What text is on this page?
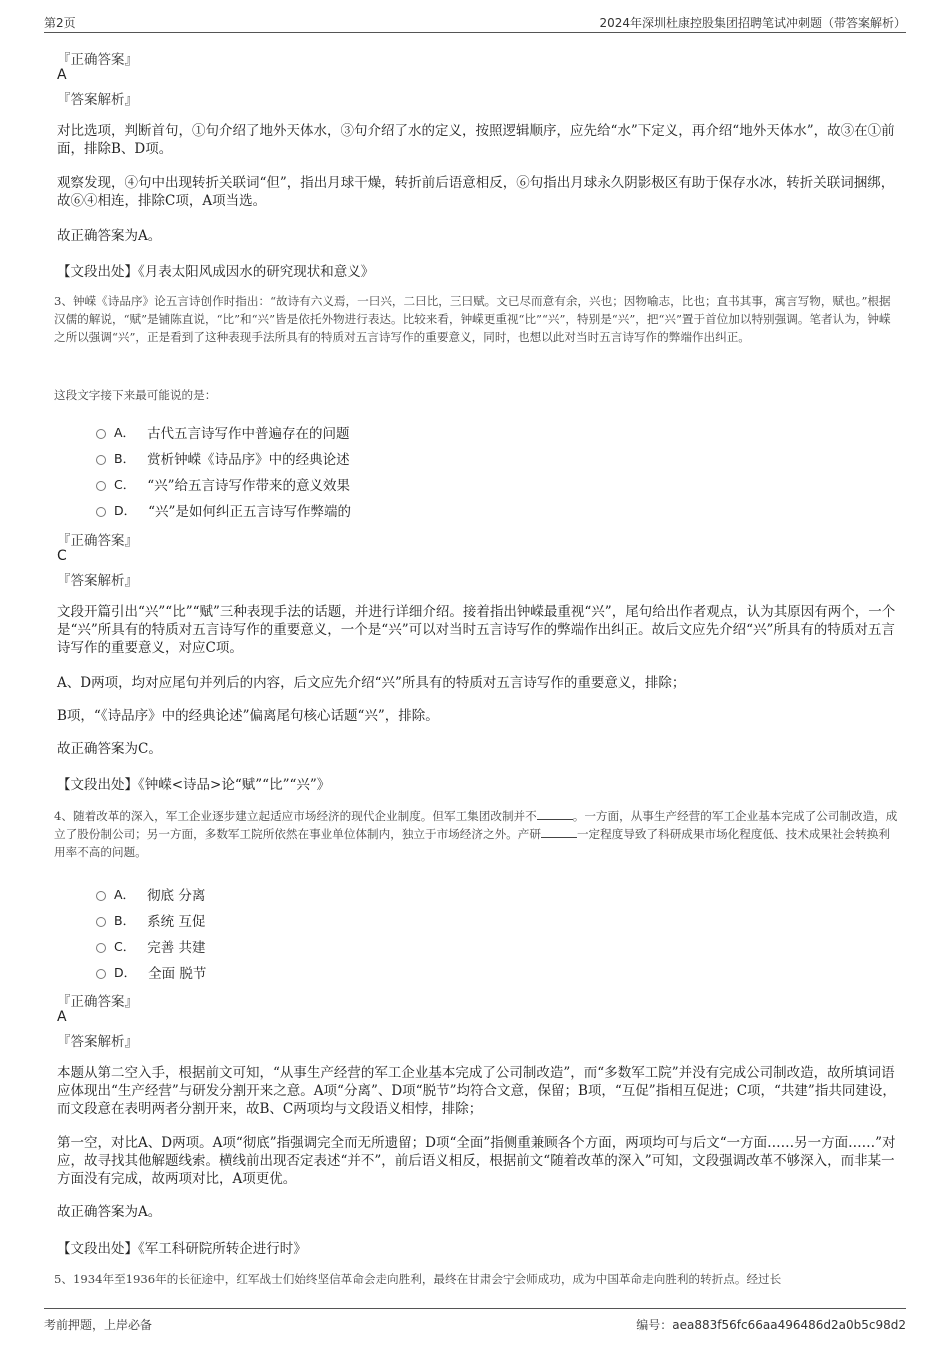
第2页	2024年深圳杜康控股集团招聘笔试冲刺题（带答案解析）
『正确答案』
A
『答案解析』
对比选项，判断首句，①句介绍了地外天体水，③句介绍了水的定义，按照逻辑顺序，应先给“水”下定义，再介绍“地外天体水”，故③在①前面，排除B、D项。
观察发现，④句中出现转折关联词“但”，指出月球干燥，转折前后语意相反，⑥句指出月球永久阴影极区有助于保存水冰，转折关联词捆绑，故⑥④相连，排除C项，A项当选。
故正确答案为A。
【文段出处】《月表太阳风成因水的研究现状和意义》
3、钟嵘《诗品序》论五言诗创作时指出：“故诗有六义焉，一曰兴，二曰比，三曰赋。文已尽而意有余，兴也；因物喻志，比也；直书其事，寓言写物，赋也。”根据汉儒的解说，“赋”是铺陈直说，“比”和“兴”皆是依托外物进行表达。比较来看，钟嵘更重视“比”“兴”，特别是“兴”，把“兴”置于首位加以特别强调。笔者认为，钟嵘之所以强调“兴”，正是看到了这种表现手法所具有的特质对五言诗写作的重要意义，同时，也想以此对当时五言诗写作的弊端作出纠正。
这段文字接下来最可能说的是：
A． 古代五言诗写作中普遍存在的问题
B． 赏析钟嵘《诗品序》中的经典论述
C． “兴”给五言诗写作带来的意义效果
D． “兴”是如何纠正五言诗写作弊端的
『正确答案』
C
『答案解析』
文段开篇引出“兴”“比”“赋”三种表现手法的话题，并进行详细介绍。接着指出钟嵘最重视“兴”，尾句给出作者观点，认为其原因有两个，一个是“兴”所具有的特质对五言诗写作的重要意义，一个是“兴”可以对当时五言诗写作的弊端作出纠正。故后文应先介绍“兴”所具有的特质对五言诗写作的重要意义，对应C项。
A、D两项，均对应尾句并列后的内容，后文应先介绍“兴”所具有的特质对五言诗写作的重要意义，排除；
B项，“《诗品序》中的经典论述”偏离尾句核心话题“兴”，排除。
故正确答案为C。
【文段出处】《钟嵘<诗品>论“赋”“比”“兴”》
4、随着改革的深入，军工企业逐步建立起适应市场经济的现代企业制度。但军工集团改制并不	。一方面，从事生产经营的军工企业基本完成了公司制改造，成立了股份制公司；另一方面，多数军工院所依然在事业单位体制内，独立于市场经济之外。产研	一定程度导致了科研成果市场化程度低、技术成果社会转换利用率不高的问题。
A． 彻底 分离
B． 系统 互促
C． 完善 共建
D． 全面 脱节
『正确答案』
A
『答案解析』
本题从第二空入手，根据前文可知，“从事生产经营的军工企业基本完成了公司制改造”，而“多数军工院”并没有完成公司制改造，故所填词语应体现出“生产经营”与研发分割开来之意。A项“分离”、D项“脱节”均符合文意，保留；B项，“互促”指相互促进；C项，“共建”指共同建设，而文段意在表明两者分割开来，故B、C两项均与文段语义相悖，排除；
第一空，对比A、D两项。A项“彻底”指强调完全而无所遗留；D项“全面”指侧重兼顾各个方面，两项均可与后文“一方面……另一方面……”对应，故寻找其他解题线索。横线前出现否定表述“并不”，前后语义相反，根据前文“随着改革的深入”可知，文段强调改革不够深入，而非某一方面没有完成，故两项对比，A项更优。
故正确答案为A。
【文段出处】《军工科研院所转企进行时》
5、1934年至1936年的长征途中，红军战士们始终坚信革命会走向胜利，最终在甘肃会宁会师成功，成为中国革命走向胜利的转折点。经过长
考前押题，上岸必备	编号：aea883f56fc66aa496486d2a0b5c98d2
